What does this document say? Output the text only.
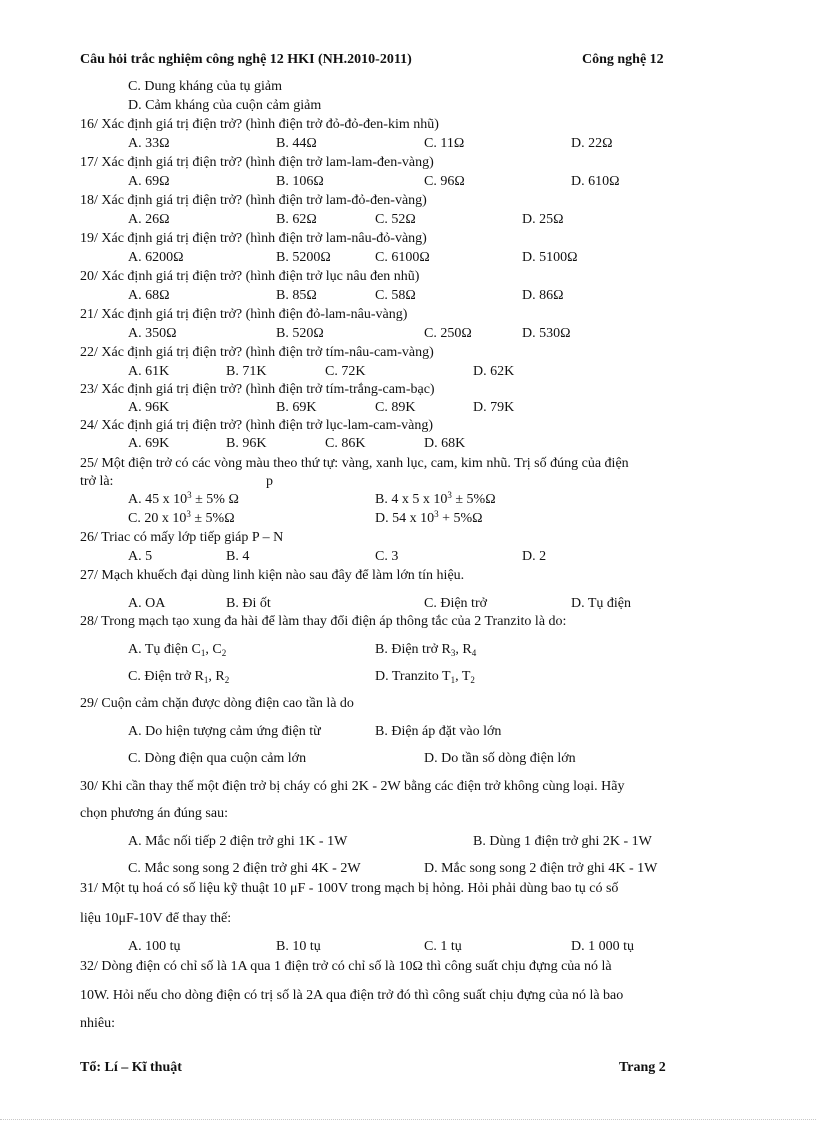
Câu hỏi trắc nghiệm công nghệ 12 HKI (NH.2010-2011)	Công nghệ 12
C. Dung kháng của tụ giảm
D. Cảm kháng của cuộn cảm giảm
16/ Xác định giá trị điện trở? (hình điện trở đỏ-đỏ-đen-kim nhũ)
A. 33Ω	B. 44Ω	C. 11Ω	D. 22Ω
17/ Xác định giá trị điện trở? (hình điện trở lam-lam-đen-vàng)
A. 69Ω	B. 106Ω	C. 96Ω	D. 610Ω
18/ Xác định giá trị điện trở? (hình điện trở lam-đỏ-đen-vàng)
A. 26Ω	B. 62Ω	C. 52Ω	D. 25Ω
19/ Xác định giá trị điện trở? (hình điện trở lam-nâu-đỏ-vàng)
A. 6200Ω	B. 5200Ω	C. 6100Ω	D. 5100Ω
20/ Xác định giá trị điện trở? (hình điện trở lục nâu đen nhũ)
A. 68Ω	B. 85Ω	C. 58Ω	D. 86Ω
21/ Xác định giá trị điện trở? (hình điện đỏ-lam-nâu-vàng)
A. 350Ω	B. 520Ω	C. 250Ω	D. 530Ω
22/ Xác định giá trị điện trở? (hình điện trở tím-nâu-cam-vàng)
A. 61K	B. 71K	C. 72K	D. 62K
23/ Xác định giá trị điện trở? (hình điện trở tím-trắng-cam-bạc)
A. 96K	B. 69K	C. 89K	D. 79K
24/ Xác định giá trị điện trở? (hình điện trở lục-lam-cam-vàng)
A. 69K	B. 96K	C. 86K	D. 68K
25/ Một điện trở có các vòng màu theo thứ tự: vàng, xanh lục, cam, kim nhũ. Trị số đúng của điện
trở là:	p
A. 45 x $10^3 \pm 5\%$ Ω	B. 4 x 5 x $10^3 \pm 5\%\Omega$
C. 20 x $10^3 \pm 5\%\Omega$	D. 54 x $10^3 + 5\%\Omega$
26/ Triac có mấy lớp tiếp giáp P – N
A. 5	B. 4	C. 3	D. 2
27/ Mạch khuếch đại dùng linh kiện nào sau đây để làm lớn tín hiệu.
A. OA	B. Đi ốt	C. Điện trở	D. Tụ điện
28/ Trong mạch tạo xung đa hài để làm thay đổi điện áp thông tắc của 2 Tranzito là do:
A. Tụ điện $C_1$, $C_2$	B. Điện trở $R_3$, $R_4$
C. Điện trở $R_1$, $R_2$	D. Tranzito $T_1$, $T_2$
29/ Cuộn cảm chặn được dòng điện cao tần là do
A. Do hiện tượng cảm ứng điện từ	B. Điện áp đặt vào lớn
C. Dòng điện qua cuộn cảm lớn	D. Do tần số dòng điện lớn
30/ Khi cần thay thế một điện trở bị cháy có ghi 2K - 2W bằng các điện trở không cùng loại. Hãy
chọn phương án đúng sau:
A. Mắc nối tiếp 2 điện trở ghi 1K - 1W	B. Dùng 1 điện trở ghi 2K - 1W
C. Mắc song song 2 điện trở ghi 4K - 2W	D. Mắc song song 2 điện trở ghi 4K - 1W
31/ Một tụ hoá có số liệu kỹ thuật 10 μF - 100V trong mạch bị hỏng. Hỏi phải dùng bao tụ có số
liệu 10μF-10V để thay thế:
A. 100 tụ	B. 10 tụ	C. 1 tụ	D. 1 000 tụ
32/ Dòng điện có chỉ số là 1A qua 1 điện trở có chỉ số là 10Ω thì công suất chịu đựng của nó là
10W. Hỏi nếu cho dòng điện có trị số là 2A qua điện trở đó thì công suất chịu đựng của nó là bao
nhiêu:
Tổ: Lí – Kĩ thuật	Trang 2
